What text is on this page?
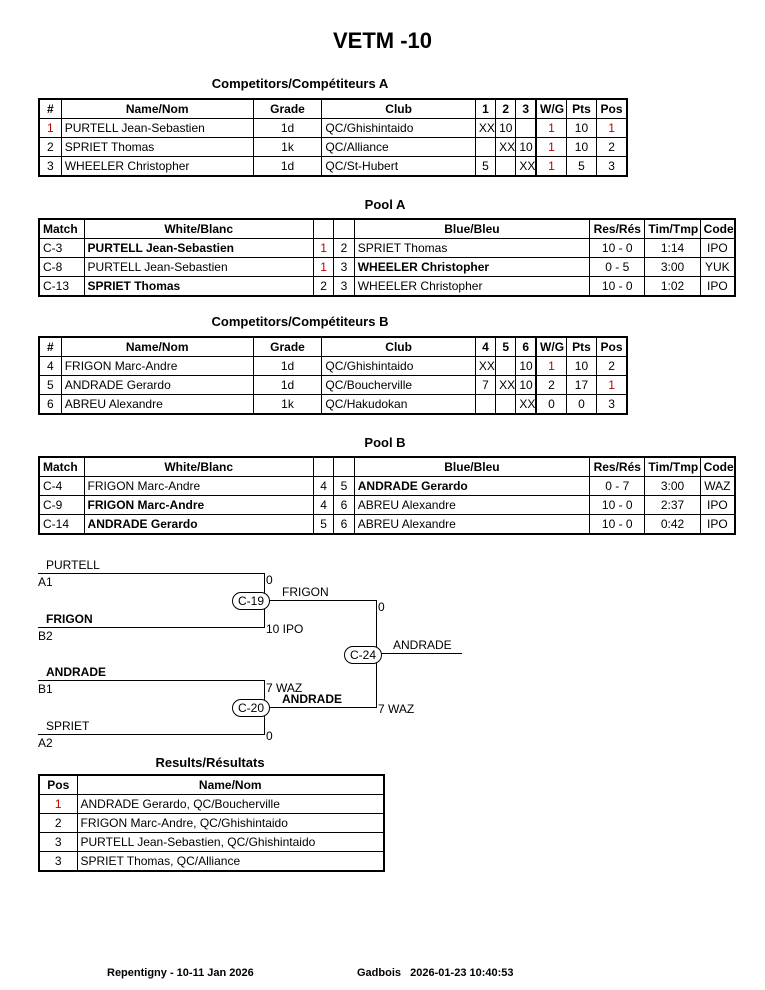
VETM -10
Competitors/Compétiteurs A
#	Name/Nom	Grade	Club	1	2	3	W/G	Pts	Pos
1	PURTELL Jean-Sebastien	1d	QC/Ghishintaido	XX	10		1	10	1
2	SPRIET Thomas	1k	QC/Alliance		XX	10	1	10	2
3	WHEELER Christopher	1d	QC/St-Hubert	5		XX	1	5	3
Pool A
Match	White/Blanc			Blue/Bleu	Res/Rés	Tim/Tmp	Code
C-3	PURTELL Jean-Sebastien	1	2	SPRIET Thomas	10 - 0	1:14	IPO
C-8	PURTELL Jean-Sebastien	1	3	WHEELER Christopher	0 - 5	3:00	YUK
C-13	SPRIET Thomas	2	3	WHEELER Christopher	10 - 0	1:02	IPO
Competitors/Compétiteurs B
#	Name/Nom	Grade	Club	4	5	6	W/G	Pts	Pos
4	FRIGON Marc-Andre	1d	QC/Ghishintaido	XX		10	1	10	2
5	ANDRADE Gerardo	1d	QC/Boucherville	7	XX	10	2	17	1
6	ABREU Alexandre	1k	QC/Hakudokan			XX	0	0	3
Pool B
Match	White/Blanc			Blue/Bleu	Res/Rés	Tim/Tmp	Code
C-4	FRIGON Marc-Andre	4	5	ANDRADE Gerardo	0 - 7	3:00	WAZ
C-9	FRIGON Marc-Andre	4	6	ABREU Alexandre	10 - 0	2:37	IPO
C-14	ANDRADE Gerardo	5	6	ABREU Alexandre	10 - 0	0:42	IPO
PURTELL
A1
FRIGON
B2
ANDRADE
B1
SPRIET
A2
C-19
0
10 IPO
FRIGON
C-20
7 WAZ
0
ANDRADE
C-24
0
7 WAZ
ANDRADE
Results/Résultats
Pos	Name/Nom
1	ANDRADE Gerardo, QC/Boucherville
2	FRIGON Marc-Andre, QC/Ghishintaido
3	PURTELL Jean-Sebastien, QC/Ghishintaido
3	SPRIET Thomas, QC/Alliance
Repentigny - 10-11 Jan 2026	Gadbois   2026-01-23 10:40:53
